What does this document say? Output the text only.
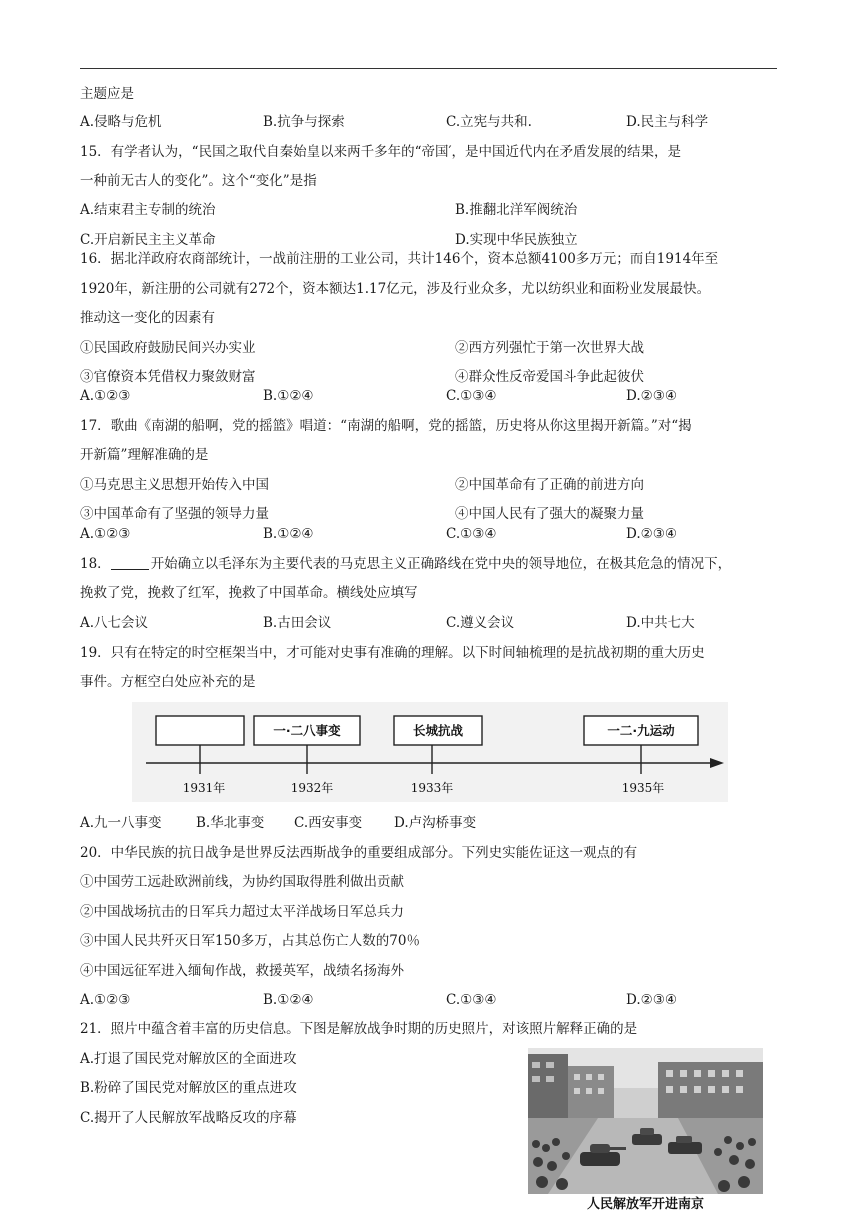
主题应是
A.侵略与危机	B.抗争与探索	C.立宪与共和.	D.民主与科学
15．有学者认为，“民国之取代自秦始皇以来两千多年的“帝国′，是中国近代内在矛盾发展的结果，是
一种前无古人的变化”。这个“变化”是指
A.结束君主专制的统治	B.推翻北洋军阀统治
C.开启新民主主义革命	D.实现中华民族独立
16．据北洋政府农商部统计，一战前注册的工业公司，共计146个，资本总额4100多万元；而自1914年至
1920年，新注册的公司就有272个，资本额达1.17亿元，涉及行业众多，尤以纺织业和面粉业发展最快。
推动这一变化的因素有
①民国政府鼓励民间兴办实业	②西方列强忙于第一次世界大战
③官僚资本凭借权力聚敛财富	④群众性反帝爱国斗争此起彼伏
A.①②③	B.①②④	C.①③④	D.②③④
17．歌曲《南湖的船啊，党的摇篮》唱道：“南湖的船啊，党的摇篮，历史将从你这里揭开新篇。”对“揭
开新篇”理解准确的是
①马克思主义思想开始传入中国	②中国革命有了正确的前进方向
③中国革命有了坚强的领导力量	④中国人民有了强大的凝聚力量
A.①②③	B.①②④	C.①③④	D.②③④
18．	开始确立以毛泽东为主要代表的马克思主义正确路线在党中央的领导地位，在极其危急的情况下，
挽救了党，挽救了红军，挽救了中国革命。横线处应填写
A.八七会议	B.古田会议	C.遵义会议	D.中共七大
19．只有在特定的时空框架当中，才可能对史事有准确的理解。以下时间轴梳理的是抗战初期的重大历史
事件。方框空白处应补充的是
一·二八事变	长城抗战	一二·九运动
1931年	1932年	1933年	1935年
A.九一八事变	B.华北事变 C.西安事变 D.卢沟桥事变
20．中华民族的抗日战争是世界反法西斯战争的重要组成部分。下列史实能佐证这一观点的有
①中国劳工远赴欧洲前线，为协约国取得胜利做出贡献
②中国战场抗击的日军兵力超过太平洋战场日军总兵力
③中国人民共歼灭日军150多万，占其总伤亡人数的70％
④中国远征军进入缅甸作战，救援英军，战绩名扬海外
A.①②③	B.①②④	C.①③④	D.②③④
21．照片中蕴含着丰富的历史信息。下图是解放战争时期的历史照片，对该照片解释正确的是
A.打退了国民党对解放区的全面进攻
B.粉碎了国民党对解放区的重点进攻
C.揭开了人民解放军战略反攻的序幕
人民解放军开进南京
